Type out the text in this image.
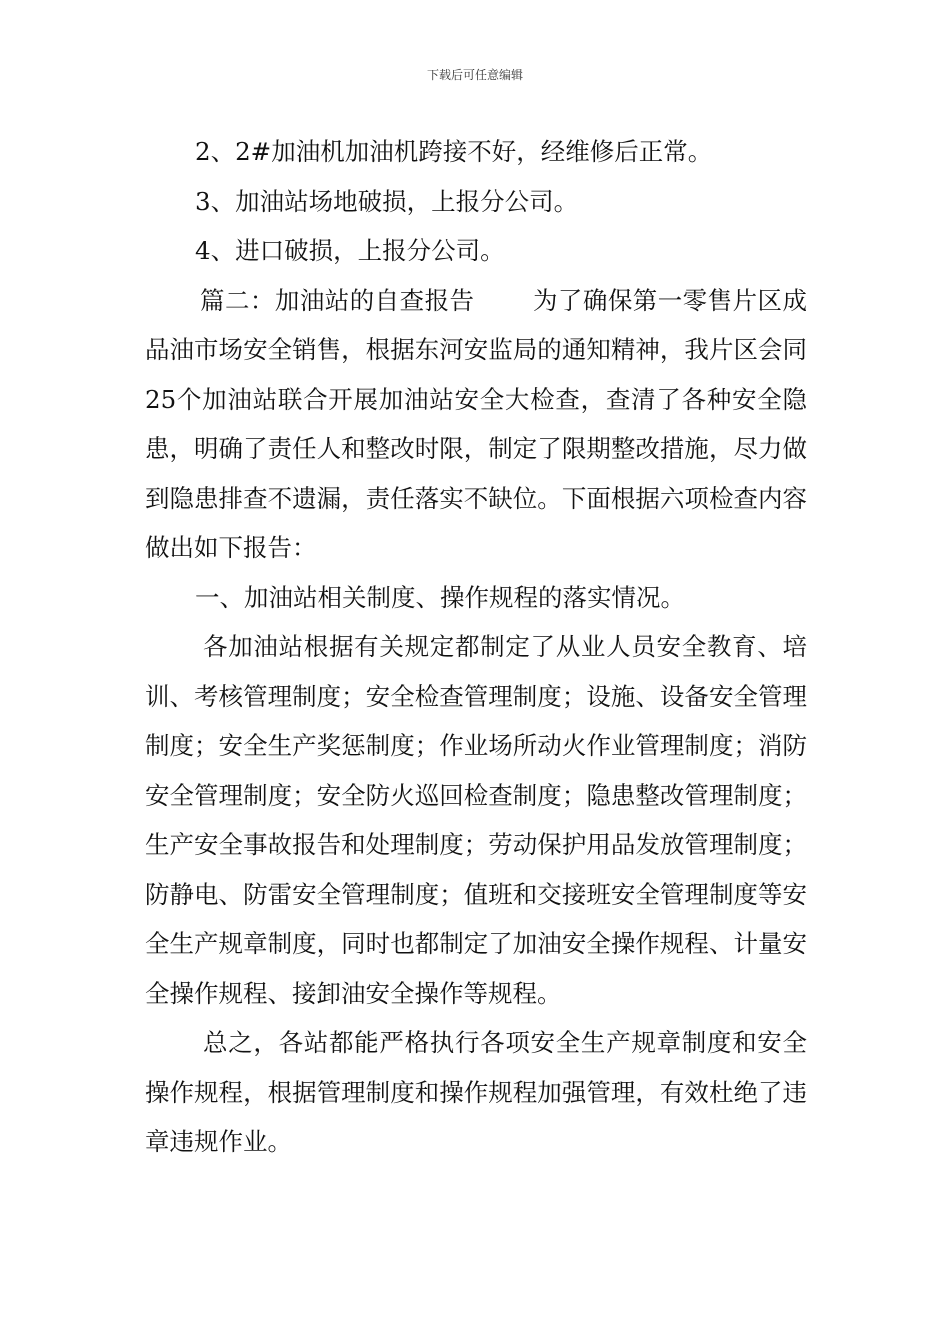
下载后可任意编辑

2、2#加油机加油机跨接不好，经维修后正常。

3、加油站场地破损，上报分公司。

4、进口破损，上报分公司。

篇二：加油站的自查报告 为了确保第一零售片区成品油市场安全销售，根据东河安监局的通知精神，我片区会同25个加油站联合开展加油站安全大检查，查清了各种安全隐患，明确了责任人和整改时限，制定了限期整改措施，尽力做到隐患排查不遗漏，责任落实不缺位。下面根据六项检查内容做出如下报告：

一、加油站相关制度、操作规程的落实情况。

各加油站根据有关规定都制定了从业人员安全教育、培训、考核管理制度；安全检查管理制度；设施、设备安全管理制度；安全生产奖惩制度；作业场所动火作业管理制度；消防安全管理制度；安全防火巡回检查制度；隐患整改管理制度；生产安全事故报告和处理制度；劳动保护用品发放管理制度；防静电、防雷安全管理制度；值班和交接班安全管理制度等安全生产规章制度，同时也都制定了加油安全操作规程、计量安全操作规程、接卸油安全操作等规程。

总之，各站都能严格执行各项安全生产规章制度和安全操作规程，根据管理制度和操作规程加强管理，有效杜绝了违章违规作业。
